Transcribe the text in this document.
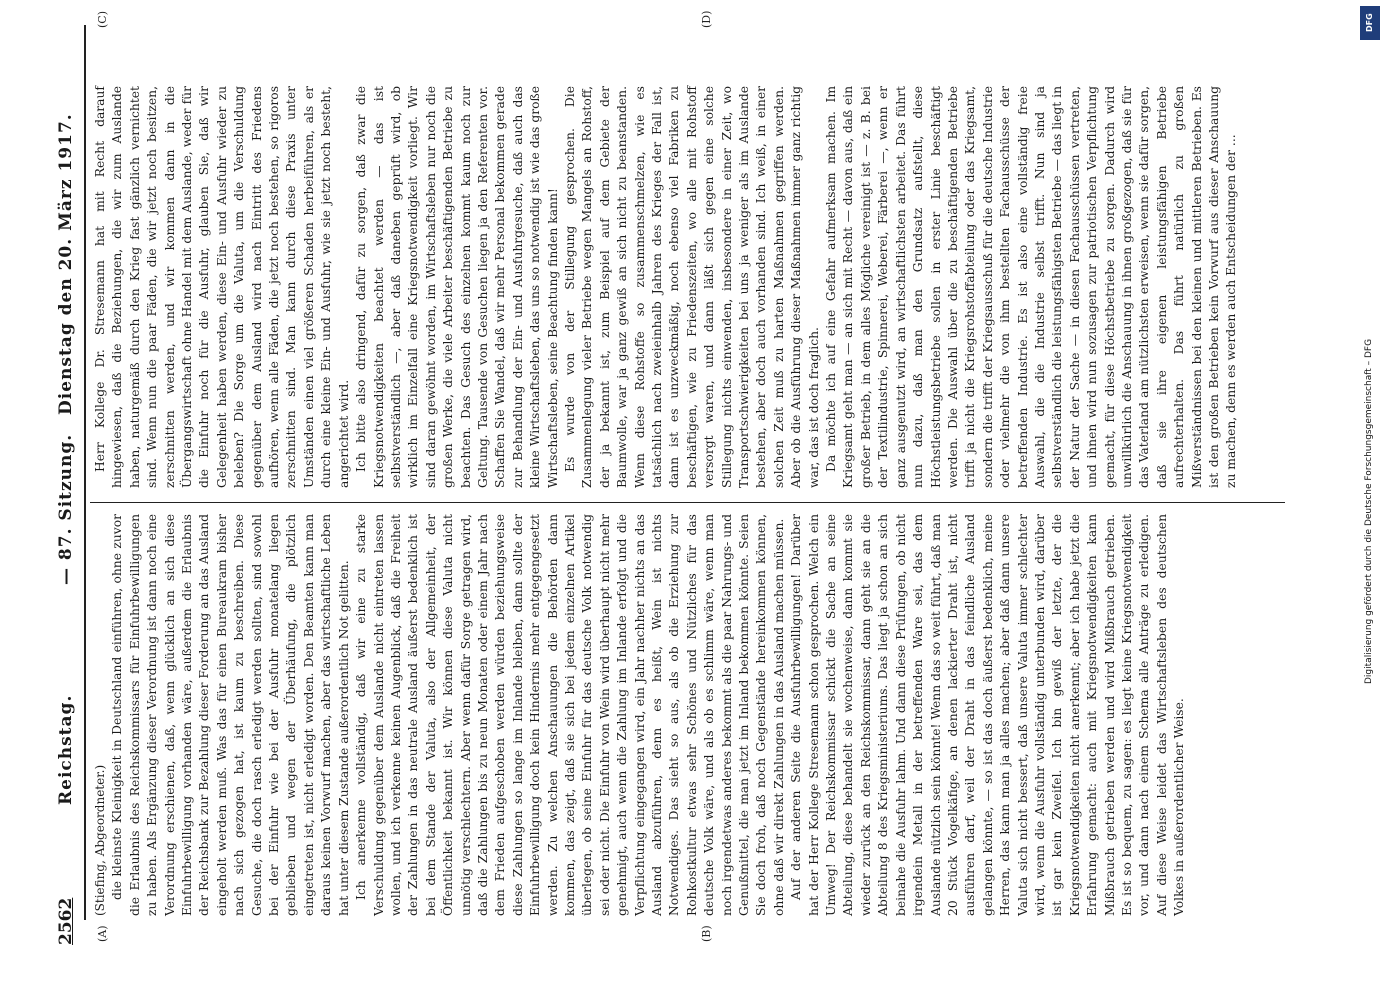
2562
Reichstag.
— 87. Sitzung.
Dienstag den 20. März 1917.
(A)	(B)
(C)	(D)

(Stiefing, Abgeordneter.) die kleinste Kleinigkeit in Deutschland einführen, ohne zuvor die Erlaubnis des Reichskommissars für Einfuhrbewilligungen zu haben. Als Ergänzung dieser Verordnung ist dann noch eine Verordnung erschienen, daß, wenn glücklich an sich diese Einfuhrbewilligung vorhanden wäre, außerdem die Erlaubnis der Reichsbank zur Bezahlung dieser Forderung an das Ausland eingeholt werden muß. Was das für einen Bureaukram bisher nach sich gezogen hat, ist kaum zu beschreiben. Diese Gesuche, die doch rasch erledigt werden sollten, sind sowohl bei der Einfuhr wie bei der Ausfuhr monatelang liegen geblieben und wegen der Überhäufung, die plötzlich eingetreten ist, nicht erledigt worden. Den Beamten kann man daraus keinen Vorwurf machen, aber das wirtschaftliche Leben hat unter diesem Zustande außerordentlich Not gelitten. Ich anerkenne vollständig, daß wir eine zu starke Verschuldung gegenüber dem Auslande nicht eintreten lassen wollen, und ich verkenne keinen Augenblick, daß die Freiheit der Zahlungen in das neutrale Ausland äußerst bedenklich ist bei dem Stande der Valuta, also der Allgemeinheit, der Öffentlichkeit bekannt ist. Wir können diese Valuta nicht unnötig verschlechtern. Aber wenn dafür Sorge getragen wird, daß die Zahlungen bis zu neun Monaten oder einem Jahr nach dem Frieden aufgeschoben werden würden beziehungsweise diese Zahlungen so lange im Inlande bleiben, dann sollte der Einfuhrbewilligung doch kein Hindernis mehr entgegengesetzt werden. Zu welchen Anschauungen die Behörden dann kommen, das zeigt, daß sie sich bei jedem einzelnen Artikel überlegen, ob seine Einfuhr für das deutsche Volk notwendig sei oder nicht. Die Einfuhr von Wein wird überhaupt nicht mehr genehmigt, auch wenn die Zahlung im Inlande erfolgt und die Verpflichtung eingegangen wird, ein Jahr nachher nichts an das Ausland abzuführen, denn es heißt, Wein ist nichts Notwendiges. Das sieht so aus, als ob die Erziehung zur Rohkostkultur etwas sehr Schönes und Nützliches für das deutsche Volk wäre, und als ob es schlimm wäre, wenn man noch irgendetwas anderes bekommt als die paar Nahrungs- und Genußmittel, die man jetzt im Inland bekommen könnte. Seien Sie doch froh, daß noch Gegenstände hereinkommen können, ohne daß wir direkt Zahlungen in das Ausland machen müssen. Auf der anderen Seite die Ausfuhrbewilligungen! Darüber hat der Herr Kollege Stresemann schon gesprochen. Welch ein Umweg! Der Reichskommissar schickt die Sache an seine Abteilung, diese behandelt sie wochenweise, dann kommt sie wieder zurück an den Reichskommissar, dann geht sie an die Abteilung 8 des Kriegsministeriums. Das liegt ja schon an sich beinahe die Ausfuhr lahm. Und dann diese Prüfungen, ob nicht irgendein Metall in der betreffenden Ware sei, das dem Auslande nützlich sein könnte! Wenn das so weit führt, daß man 20 Stück Vogelkäfige, an denen lackierter Draht ist, nicht ausführen darf, weil der Draht in das feindliche Ausland gelangen könnte, — so ist das doch äußerst bedenklich, meine Herren, das kann man ja alles machen; aber daß dann unsere Valuta sich nicht bessert, daß unsere Valuta immer schlechter wird, wenn die Ausfuhr vollständig unterbunden wird, darüber ist gar kein Zweifel. Ich bin gewiß der letzte, der die Kriegsnotwendigkeiten nicht anerkennt; aber ich habe jetzt die Erfahrung gemacht: auch mit Kriegsnotwendigkeiten kann Mißbrauch getrieben werden und wird Mißbrauch getrieben. Es ist so bequem, zu sagen: es liegt keine Kriegsnotwendigkeit vor, und dann nach einem Schema alle Anträge zu erledigen. Auf diese Weise leidet das Wirtschaftsleben des deutschen Volkes in außerordentlicher Weise.

Herr Kollege Dr. Stresemann hat mit Recht darauf hingewiesen, daß die Beziehungen, die wir zum Auslande haben, naturgemäß durch den Krieg fast gänzlich vernichtet sind. Wenn nun die paar Fäden, die wir jetzt noch besitzen, zerschnitten werden, und wir kommen dann in die Übergangswirtschaft ohne Handel mit dem Auslande, weder für die Einfuhr noch für die Ausfuhr, glauben Sie, daß wir Gelegenheit haben werden, diese Ein- und Ausfuhr wieder zu beleben? Die Sorge um die Valuta, um die Verschuldung gegenüber dem Ausland wird nach Eintritt des Friedens aufhören, wenn alle Fäden, die jetzt noch bestehen, so rigoros zerschnitten sind. Man kann durch diese Praxis unter Umständen einen viel größeren Schaden herbeiführen, als er durch eine kleine Ein- und Ausfuhr, wie sie jetzt noch besteht, angerichtet wird. Ich bitte also dringend, dafür zu sorgen, daß zwar die Kriegsnotwendigkeiten beachtet werden — das ist selbstverständlich —, aber daß daneben geprüft wird, ob wirklich im Einzelfall eine Kriegsnotwendigkeit vorliegt. Wir sind daran gewöhnt worden, im Wirtschaftsleben nur noch die großen Werke, die viele Arbeiter beschäftigenden Betriebe zu beachten. Das Gesuch des einzelnen kommt kaum noch zur Geltung. Tausende von Gesuchen liegen ja den Referenten vor. Schaffen Sie Wandel, daß wir mehr Personal bekommen gerade zur Behandlung der Ein- und Ausfuhrgesuche, daß auch das kleine Wirtschaftsleben, das uns so notwendig ist wie das große Wirtschaftsleben, seine Beachtung finden kann! Es wurde von der Stillegung gesprochen. Die Zusammenlegung vieler Betriebe wegen Mangels an Rohstoff, der ja bekannt ist, zum Beispiel auf dem Gebiete der Baumwolle, war ja ganz gewiß an sich nicht zu beanstanden. Wenn diese Rohstoffe so zusammenschmelzen, wie es tatsächlich nach zweieinhalb Jahren des Krieges der Fall ist, dann ist es unzweckmäßig, noch ebenso viel Fabriken zu beschäftigen, wie zu Friedenszeiten, wo alle mit Rohstoff versorgt waren, und dann läßt sich gegen eine solche Stillegung nichts einwenden, insbesondere in einer Zeit, wo Transportschwierigkeiten bei uns ja weniger als im Auslande bestehen, aber doch auch vorhanden sind. Ich weiß, in einer solchen Zeit muß zu harten Maßnahmen gegriffen werden. Aber ob die Ausführung dieser Maßnahmen immer ganz richtig war, das ist doch fraglich. Da möchte ich auf eine Gefahr aufmerksam machen. Im Kriegsamt geht man — an sich mit Recht — davon aus, daß ein großer Betrieb, in dem alles Mögliche vereinigt ist — z. B. bei der Textilindustrie, Spinnerei, Weberei, Färberei —, wenn er ganz ausgenutzt wird, an wirtschaftlichsten arbeitet. Das führt nun dazu, daß man den Grundsatz aufstellt, diese Höchstleistungsbetriebe sollen in erster Linie beschäftigt werden. Die Auswahl über die zu beschäftigenden Betriebe trifft ja nicht die Kriegsrohstoffabteilung oder das Kriegsamt, sondern die trifft der Kriegsausschuß für die deutsche Industrie oder vielmehr die von ihm bestellten Fachausschüsse der betreffenden Industrie. Es ist also eine vollständig freie Auswahl, die die Industrie selbst trifft. Nun sind ja selbstverständlich die leistungsfähigsten Betriebe — das liegt in der Natur der Sache — in diesen Fachausschüssen vertreten, und ihnen wird nun sozusagen zur patriotischen Verpflichtung gemacht, für diese Höchstbetriebe zu sorgen. Dadurch wird unwillkürlich die Anschauung in ihnen großgezogen, daß sie für das Vaterland am nützlichsten erweisen, wenn sie dafür sorgen, daß sie ihre eigenen leistungsfähigen Betriebe aufrechterhalten. Das führt natürlich zu großen Mißverständnissen bei den kleinen und mittleren Betrieben. Es ist den großen Betrieben kein Vorwurf aus dieser Anschauung zu machen, denn es werden auch Entscheidungen der ...

DFG
Digitalisierung gefördert durch die Deutsche Forschungsgemeinschaft – DFG
